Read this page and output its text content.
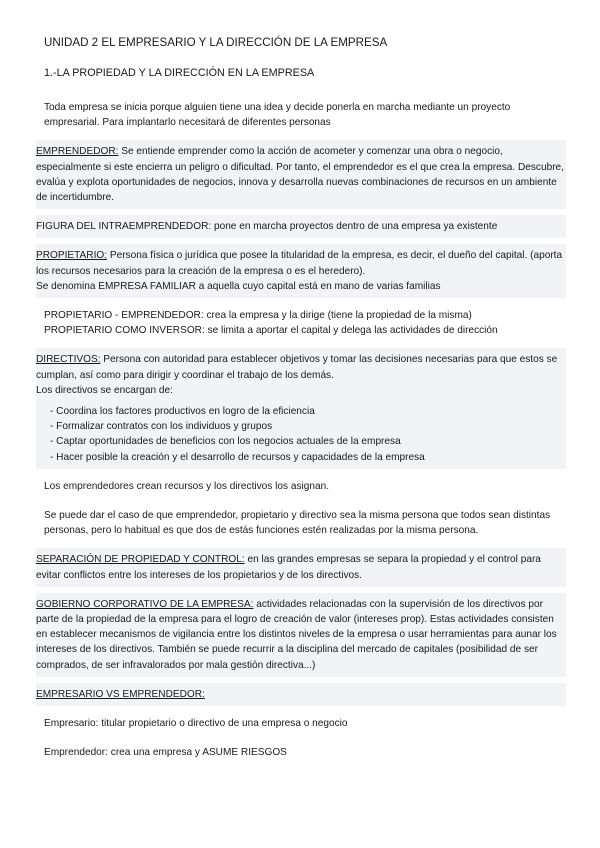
UNIDAD 2 EL EMPRESARIO Y LA DIRECCIÓN DE LA EMPRESA
1.-LA PROPIEDAD Y LA DIRECCIÓN EN LA EMPRESA

Toda empresa se inicia porque alguien tiene una idea y decide ponerla en marcha mediante un proyecto empresarial. Para implantarlo necesitará de diferentes personas

EMPRENDEDOR: Se entiende emprender como la acción de acometer y comenzar una obra o negocio, especialmente si este encierra un peligro o dificultad. Por tanto, el emprendedor es el que crea la empresa. Descubre, evalúa y explota oportunidades de negocios, innova y desarrolla nuevas combinaciones de recursos en un ambiente de incertidumbre.

FIGURA DEL INTRAEMPRENDEDOR: pone en marcha proyectos dentro de una empresa ya existente

PROPIETARIO: Persona física o jurídica que posee la titularidad de la empresa, es decir, el dueño del capital. (aporta los recursos necesarios para la creación de la empresa o es el heredero).

Se denomina EMPRESA FAMILIAR a aquella cuyo capital está en mano de varias familias

PROPIETARIO - EMPRENDEDOR: crea la empresa y la dirige (tiene la propiedad de la misma)

PROPIETARIO COMO INVERSOR: se limita a aportar el capital y delega las actividades de dirección

DIRECTIVOS: Persona con autoridad para establecer objetivos y tomar las decisiones necesarias para que estos se cumplan, así como para dirigir y coordinar el trabajo de los demás.

Los directivos se encargan de:

- Coordina los factores productivos en logro de la eficiencia
- Formalizar contratos con los individuos y grupos
- Captar oportunidades de beneficios con los negocios actuales de la empresa
- Hacer posible la creación y el desarrollo de recursos y capacidades de la empresa

Los emprendedores crean recursos y los directivos los asignan.

Se puede dar el caso de que emprendedor, propietario y directivo sea la misma persona que todos sean distintas personas, pero lo habitual es que dos de estás funciones estén realizadas por la misma persona.

SEPARACIÓN DE PROPIEDAD Y CONTROL: en las grandes empresas se separa la propiedad y el control para evitar conflictos entre los intereses de los propietarios y de los directivos.

GOBIERNO CORPORATIVO DE LA EMPRESA: actividades relacionadas con la supervisión de los directivos por parte de la propiedad de la empresa para el logro de creación de valor (intereses prop). Estas actividades consisten en establecer mecanismos de vigilancia entre los distintos niveles de la empresa o usar herramientas para aunar los intereses de los directivos. También se puede recurrir a la disciplina del mercado de capitales (posibilidad de ser comprados, de ser infravalorados por mala gestión directiva...)

EMPRESARIO VS EMPRENDEDOR:

Empresario: titular propietario o directivo de una empresa o negocio

Emprendedor: crea una empresa y ASUME RIESGOS
